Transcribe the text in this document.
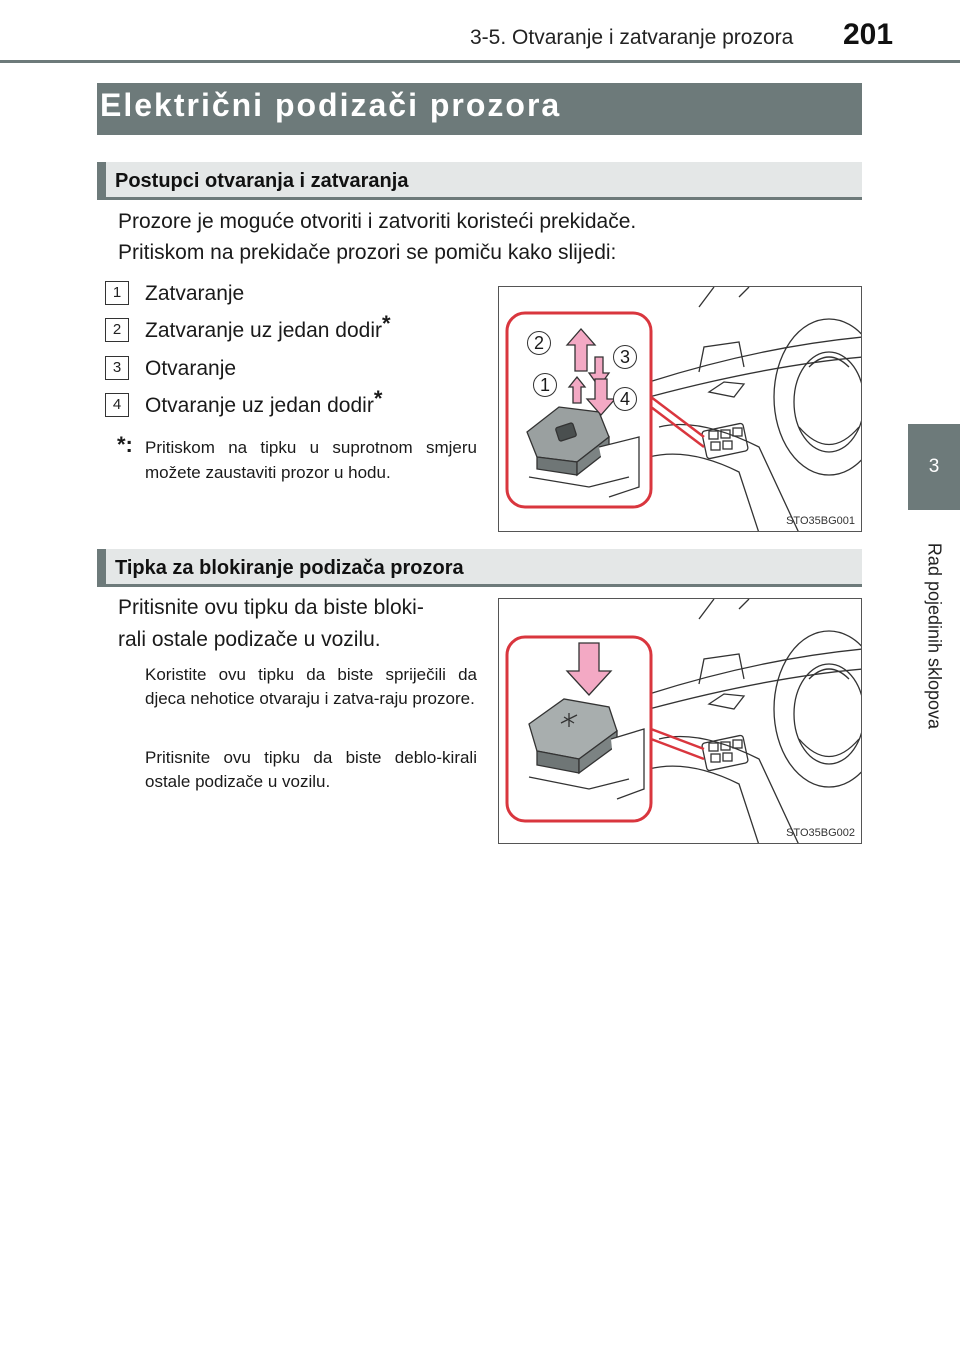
3-5. Otvaranje i zatvaranje prozora 201
3
Rad pojedinih sklopova
Električni podizači prozora
Postupci otvaranja i zatvaranja
Prozore je moguće otvoriti i zatvoriti koristeći prekidače.
Pritiskom na prekidače prozori se pomiču kako slijedi:
1	Zatvaranje
2	Zatvaranje uz jedan dodir*
3	Otvaranje
4	Otvaranje uz jedan dodir*
*: Pritiskom na tipku u suprotnom smjeru možete zaustaviti prozor u hodu.
2
3
1
4
STO35BG001
Tipka za blokiranje podizača prozora
Pritisnite ovu tipku da biste bloki-
rali ostale podizače u vozilu.
Koristite ovu tipku da biste spriječili da djeca nehotice otvaraju i zatva-raju prozore.
Pritisnite ovu tipku da biste deblo-kirali ostale podizače u vozilu.
STO35BG002
